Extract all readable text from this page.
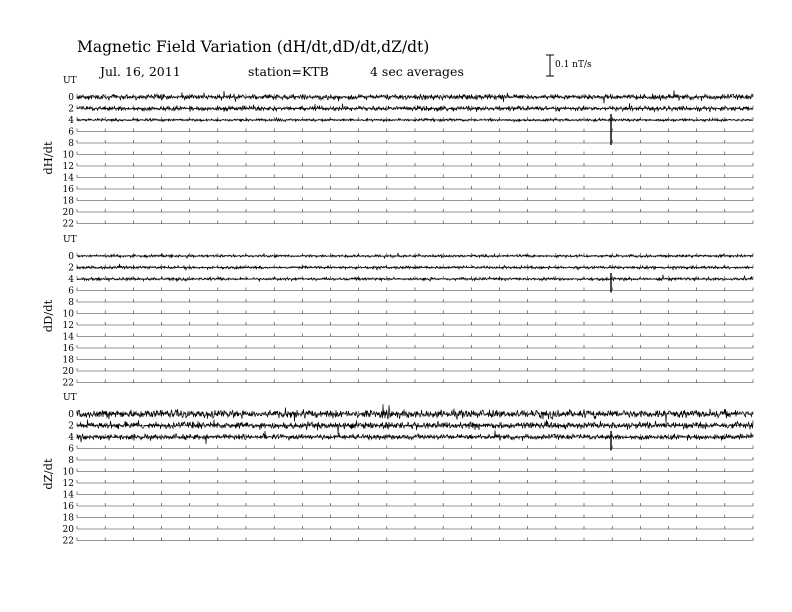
Magnetic Field Variation (dH/dt,dD/dt,dZ/dt)
Jul. 16, 2011	station=KTB	4 sec averages	0.1 nT/s
UT
dH/dt
0
2
4
6
8
10
12
14
16
18
20
22
UT
dD/dt
0
2
4
6
8
10
12
14
16
18
20
22
UT
dZ/dt
0
2
4
6
8
10
12
14
16
18
20
22
